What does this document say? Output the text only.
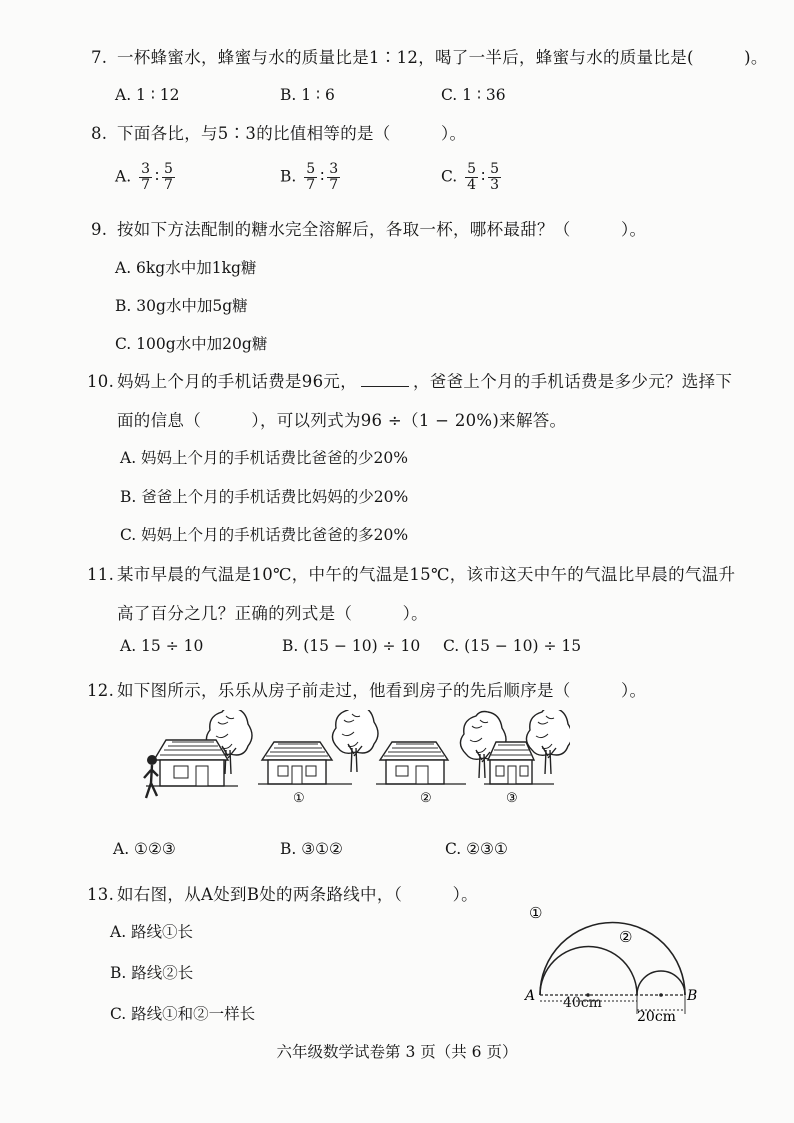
7. 一杯蜂蜜水，蜂蜜与水的质量比是1∶12，喝了一半后，蜂蜜与水的质量比是(　　　)。
A. 1 ∶ 12	B. 1 ∶ 6	C. 1 ∶ 36
8. 下面各比，与5∶3的比值相等的是（　　　）。
A. $\frac{3}{7}$ ∶ $\frac{5}{7}$	B. $\frac{5}{7}$ ∶ $\frac{3}{7}$	C. $\frac{5}{4}$ ∶ $\frac{5}{3}$
9. 按如下方法配制的糖水完全溶解后，各取一杯，哪杯最甜？（　　　）。
A. 6kg水中加1kg糖
B. 30g水中加5g糖
C. 100g水中加20g糖
10. 妈妈上个月的手机话费是96元，	，爸爸上个月的手机话费是多少元？选择下
面的信息（　　　），可以列式为96 ÷（1 − 20%)来解答。
A. 妈妈上个月的手机话费比爸爸的少20%
B. 爸爸上个月的手机话费比妈妈的少20%
C. 妈妈上个月的手机话费比爸爸的多20%
11. 某市早晨的气温是10℃，中午的气温是15℃，该市这天中午的气温比早晨的气温升
高了百分之几？正确的列式是（　　　）。
A. 15 ÷ 10	B. (15 − 10) ÷ 10 C. (15 − 10) ÷ 15
12. 如下图所示，乐乐从房子前走过，他看到房子的先后顺序是（　　　）。
①	②	③
A. ①②③	B. ③①②	C. ②③①
13. 如右图，从A处到B处的两条路线中，（　　　）。
A. 路线①长
B. 路线②长
C. 路线①和②一样长
A	B
40cm
20cm
①
②
六年级数学试卷第 3 页（共 6 页）
